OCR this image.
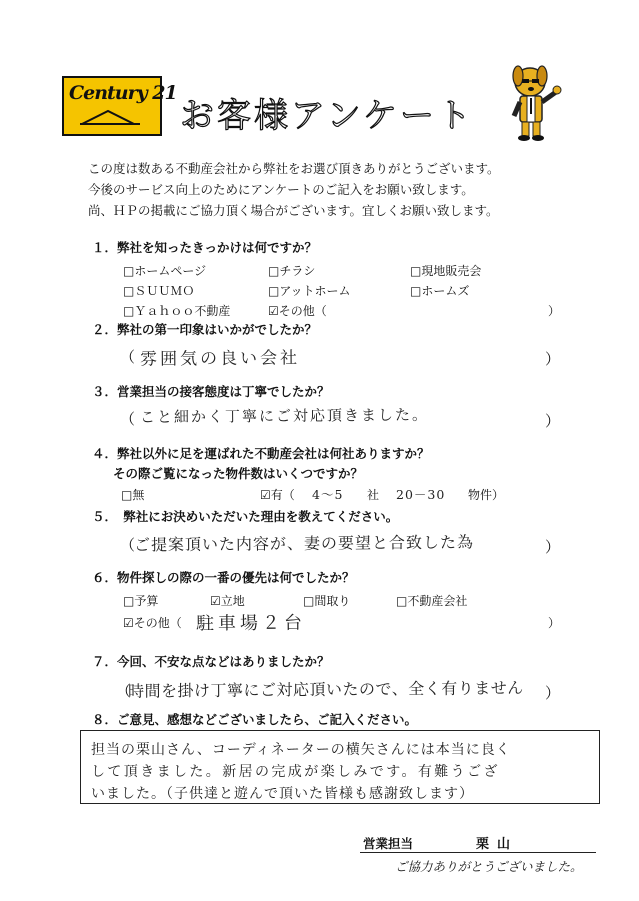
Century 21
お客様アンケート
この度は数ある不動産会社から弊社をお選び頂きありがとうございます。
今後のサービス向上のためにアンケートのご記入をお願い致します。
尚、ＨＰの掲載にご協力頂く場合がございます。宜しくお願い致します。
１．弊社を知ったきっかけは何ですか？
□ホームページ	□チラシ	□現地販売会
□ＳＵＵＭＯ	□アットホーム	□ホームズ
□Ｙａｈｏｏ不動産	☑その他（	）
２．弊社の第一印象はいかがでしたか？
（ 雰囲気の良い会社	）
３．営業担当の接客態度は丁寧でしたか？
（ こと細かく丁寧にご対応頂きました。	）
４．弊社以外に足を運ばれた不動産会社は何社ありますか？
その際ご覧になった物件数はいくつですか？
□無	☑有（ 4〜5 社 20－30 物件）
５．　弊社にお決めいただいた理由を教えてください。
（
ご提案頂いた内容が、妻の要望と合致した為	）
６．物件探しの際の一番の優先は何でしたか？
□予算	☑立地	□間取り	□不動産会社
☑その他（ 駐車場２台	）
７．今回、不安な点などはありましたか？
（
時間を掛け丁寧にご対応頂いたので、全く有りません ）
８．ご意見、感想などございましたら、ご記入ください。
担当の栗山さん、コーディネーターの横矢さんには本当に良く
して頂きました。新居の完成が楽しみです。有難うござ
いました。（子供達と遊んで頂いた皆様も感謝致します）
営業担当	栗山
ご協力ありがとうございました。
